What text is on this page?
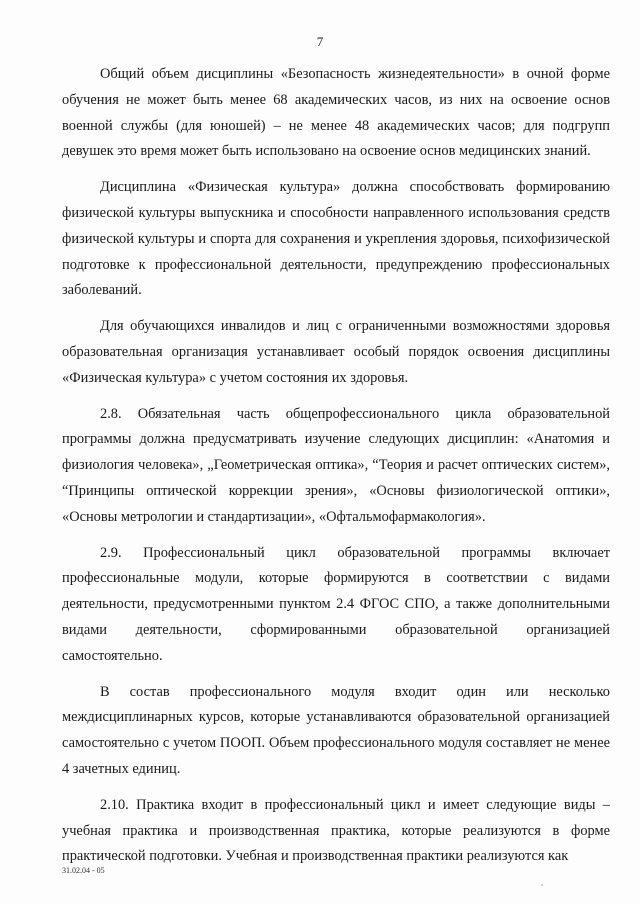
7

Общий объем дисциплины «Безопасность жизнедеятельности» в очной форме обучения не может быть менее 68 академических часов, из них на освоение основ военной службы (для юношей) – не менее 48 академических часов; для подгрупп девушек это время может быть использовано на освоение основ медицинских знаний.

Дисциплина «Физическая культура» должна способствовать формированию физической культуры выпускника и способности направленного использования средств физической культуры и спорта для сохранения и укрепления здоровья, психофизической подготовке к профессиональной деятельности, предупреждению профессиональных заболеваний.

Для обучающихся инвалидов и лиц с ограниченными возможностями здоровья образовательная организация устанавливает особый порядок освоения дисциплины «Физическая культура» с учетом состояния их здоровья.

2.8. Обязательная часть общепрофессионального цикла образовательной программы должна предусматривать изучение следующих дисциплин: «Анатомия и физиология человека», „Геометрическая оптика», “Теория и расчет оптических систем», “Принципы оптической коррекции зрения», «Основы физиологической оптики», «Основы метрологии и стандартизации», «Офтальмофармакология».

2.9. Профессиональный цикл образовательной программы включает профессиональные модули, которые формируются в соответствии с видами деятельности, предусмотренными пунктом 2.4 ФГОС СПО, а также дополнительными видами деятельности, сформированными образовательной организацией самостоятельно.

В состав профессионального модуля входит один или несколько междисциплинарных курсов, которые устанавливаются образовательной организацией самостоятельно с учетом ПООП. Объем профессионального модуля составляет не менее 4 зачетных единиц.

2.10. Практика входит в профессиональный цикл и имеет следующие виды – учебная практика и производственная практика, которые реализуются в форме практической подготовки. Учебная и производственная практики реализуются как

31.02.04 - 05
